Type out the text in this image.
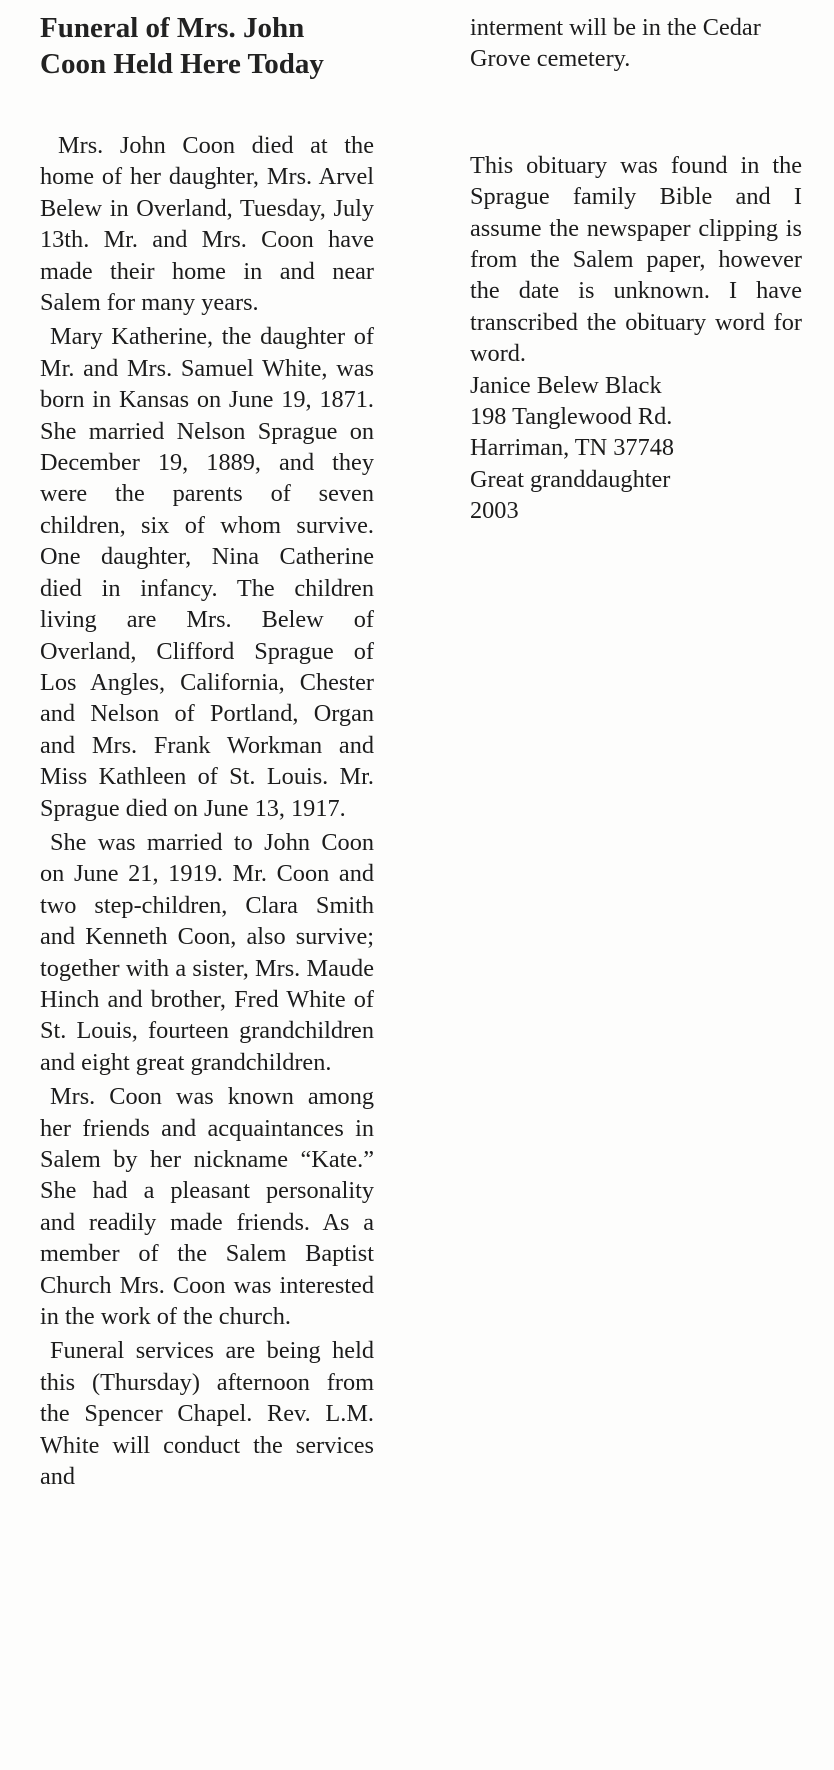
Funeral of Mrs. John
Coon Held Here Today

Mrs. John Coon died at the home of her daughter, Mrs. Arvel Belew in Overland, Tuesday, July 13th. Mr. and Mrs. Coon have made their home in and near Salem for many years.

Mary Katherine, the daughter of Mr. and Mrs. Samuel White, was born in Kansas on June 19, 1871. She married Nelson Sprague on December 19, 1889, and they were the parents of seven children, six of whom survive. One daughter, Nina Catherine died in infancy. The children living are Mrs. Belew of Overland, Clifford Sprague of Los Angles, California, Chester and Nelson of Portland, Organ and Mrs. Frank Workman and Miss Kathleen of St. Louis. Mr. Sprague died on June 13, 1917.

She was married to John Coon on June 21, 1919. Mr. Coon and two step-children, Clara Smith and Kenneth Coon, also survive; together with a sister, Mrs. Maude Hinch and brother, Fred White of St. Louis, fourteen grandchildren and eight great grandchildren.

Mrs. Coon was known among her friends and acquaintances in Salem by her nickname “Kate.” She had a pleasant personality and readily made friends. As a member of the Salem Baptist Church Mrs. Coon was interested in the work of the church.

Funeral services are being held this (Thursday) afternoon from the Spencer Chapel. Rev. L.M. White will conduct the services and

interment will be in the Cedar Grove cemetery.

This obituary was found in the Sprague family Bible and I assume the newspaper clipping is from the Salem paper, however the date is unknown. I have transcribed the obituary word for word.

Janice Belew Black

198 Tanglewood Rd.

Harriman, TN 37748

Great granddaughter

2003
